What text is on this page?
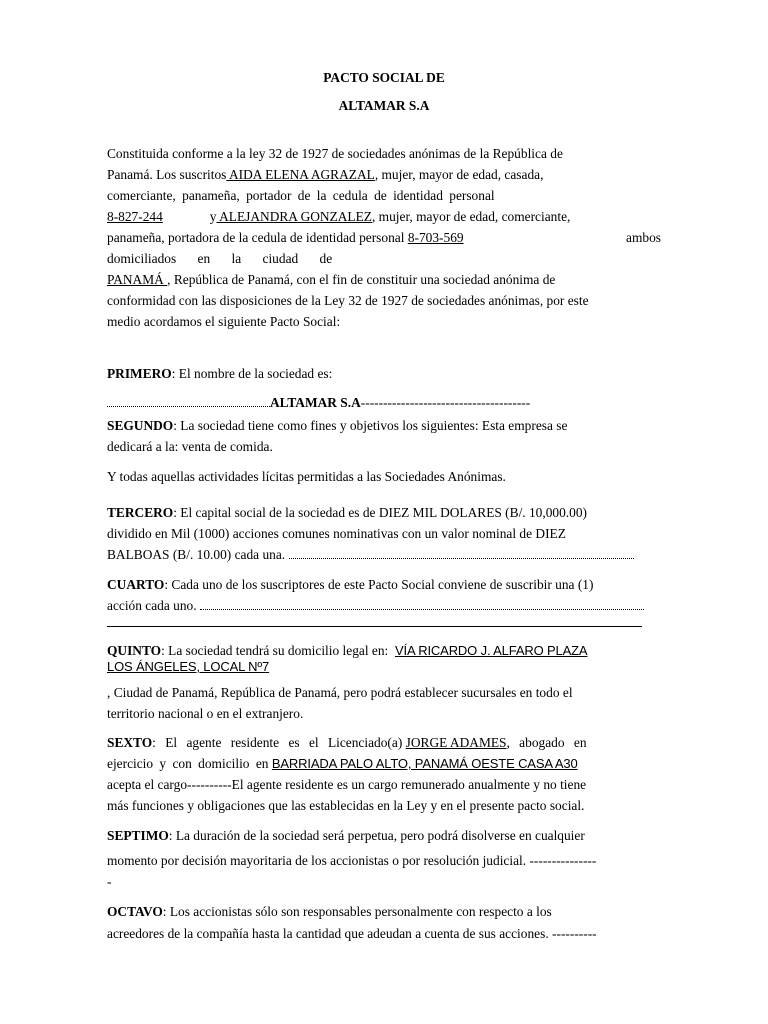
PACTO SOCIAL DE
ALTAMAR S.A
Constituida conforme a la ley 32 de 1927 de sociedades anónimas de la República de
Panamá. Los suscritos AIDA ELENA AGRAZAL, mujer, mayor de edad, casada,
comerciante, panameña, portador de la cedula de identidad personal
8-827-244	y ALEJANDRA GONZALEZ, mujer, mayor de edad, comerciante,
panameña, portadora de la cedula de identidad personal 8-703-569	ambos
domiciliados en la ciudad de
PANAMÁ , República de Panamá, con el fin de constituir una sociedad anónima de
conformidad con las disposiciones de la Ley 32 de 1927 de sociedades anónimas, por este
medio acordamos el siguiente Pacto Social:
PRIMERO: El nombre de la sociedad es:
ALTAMAR S.A--------------------------------------
SEGUNDO: La sociedad tiene como fines y objetivos los siguientes: Esta empresa se
dedicará a la: venta de comida.
Y todas aquellas actividades lícitas permitidas a las Sociedades Anónimas.
TERCERO: El capital social de la sociedad es de DIEZ MIL DOLARES (B/. 10,000.00)
dividido en Mil (1000) acciones comunes nominativas con un valor nominal de DIEZ
BALBOAS (B/. 10.00) cada una.
CUARTO: Cada uno de los suscriptores de este Pacto Social conviene de suscribir una (1)
acción cada uno.
QUINTO: La sociedad tendrá su domicilio legal en: VÍA RICARDO J. ALFARO PLAZA
LOS ÁNGELES, LOCAL Nº7
, Ciudad de Panamá, República de Panamá, pero podrá establecer sucursales en todo el
territorio nacional o en el extranjero.
SEXTO: El agente residente es el Licenciado(a) JORGE ADAMES, abogado en
ejercicio y con domicilio en BARRIADA PALO ALTO, PANAMÁ OESTE CASA A30
acepta el cargo----------El agente residente es un cargo remunerado anualmente y no tiene
más funciones y obligaciones que las establecidas en la Ley y en el presente pacto social.
SEPTIMO: La duración de la sociedad será perpetua, pero podrá disolverse en cualquier
momento por decisión mayoritaria de los accionistas o por resolución judicial. ---------------
-
OCTAVO: Los accionistas sólo son responsables personalmente con respecto a los
acreedores de la compañía hasta la cantidad que adeudan a cuenta de sus acciones. ----------
